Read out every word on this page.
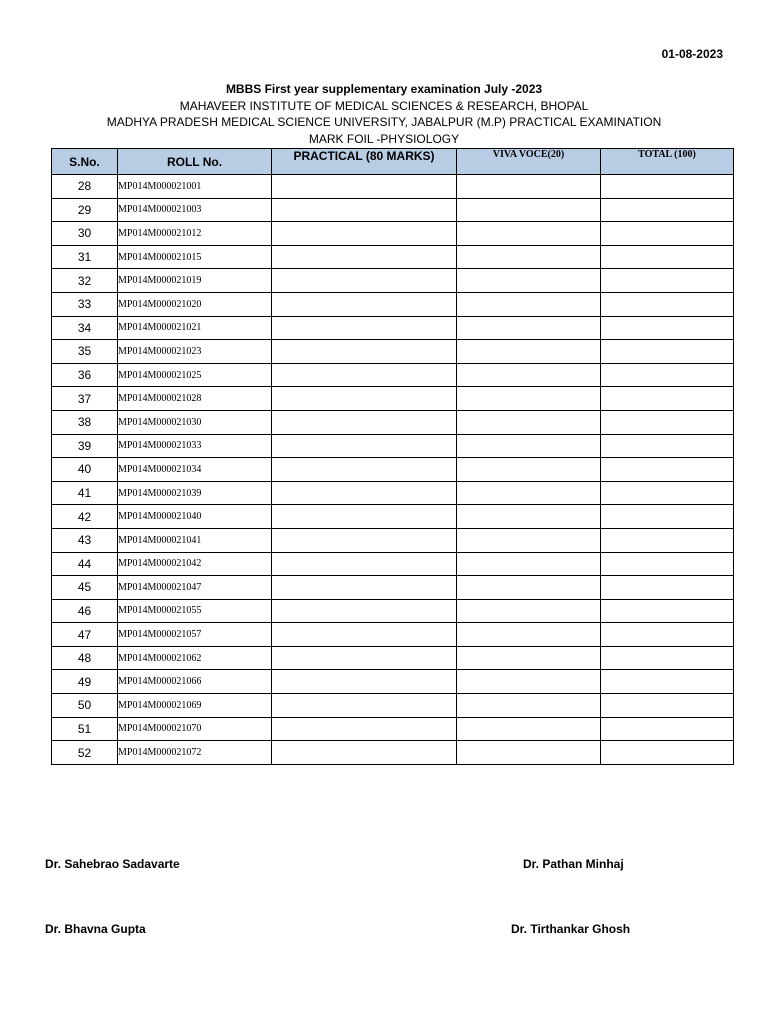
01-08-2023
MBBS First year supplementary examination July -2023
MAHAVEER INSTITUTE OF MEDICAL SCIENCES & RESEARCH, BHOPAL
MADHYA PRADESH MEDICAL SCIENCE UNIVERSITY, JABALPUR (M.P) PRACTICAL EXAMINATION
MARK FOIL -PHYSIOLOGY
S.No.	ROLL No.	PRACTICAL (80 MARKS)	VIVA VOCE(20)	TOTAL (100)
28	MP014M000021001			
29	MP014M000021003			
30	MP014M000021012			
31	MP014M000021015			
32	MP014M000021019			
33	MP014M000021020			
34	MP014M000021021			
35	MP014M000021023			
36	MP014M000021025			
37	MP014M000021028			
38	MP014M000021030			
39	MP014M000021033			
40	MP014M000021034			
41	MP014M000021039			
42	MP014M000021040			
43	MP014M000021041			
44	MP014M000021042			
45	MP014M000021047			
46	MP014M000021055			
47	MP014M000021057			
48	MP014M000021062			
49	MP014M000021066			
50	MP014M000021069			
51	MP014M000021070			
52	MP014M000021072			
Dr. Sahebrao Sadavarte	Dr. Pathan Minhaj
Dr. Bhavna Gupta	Dr. Tirthankar Ghosh
